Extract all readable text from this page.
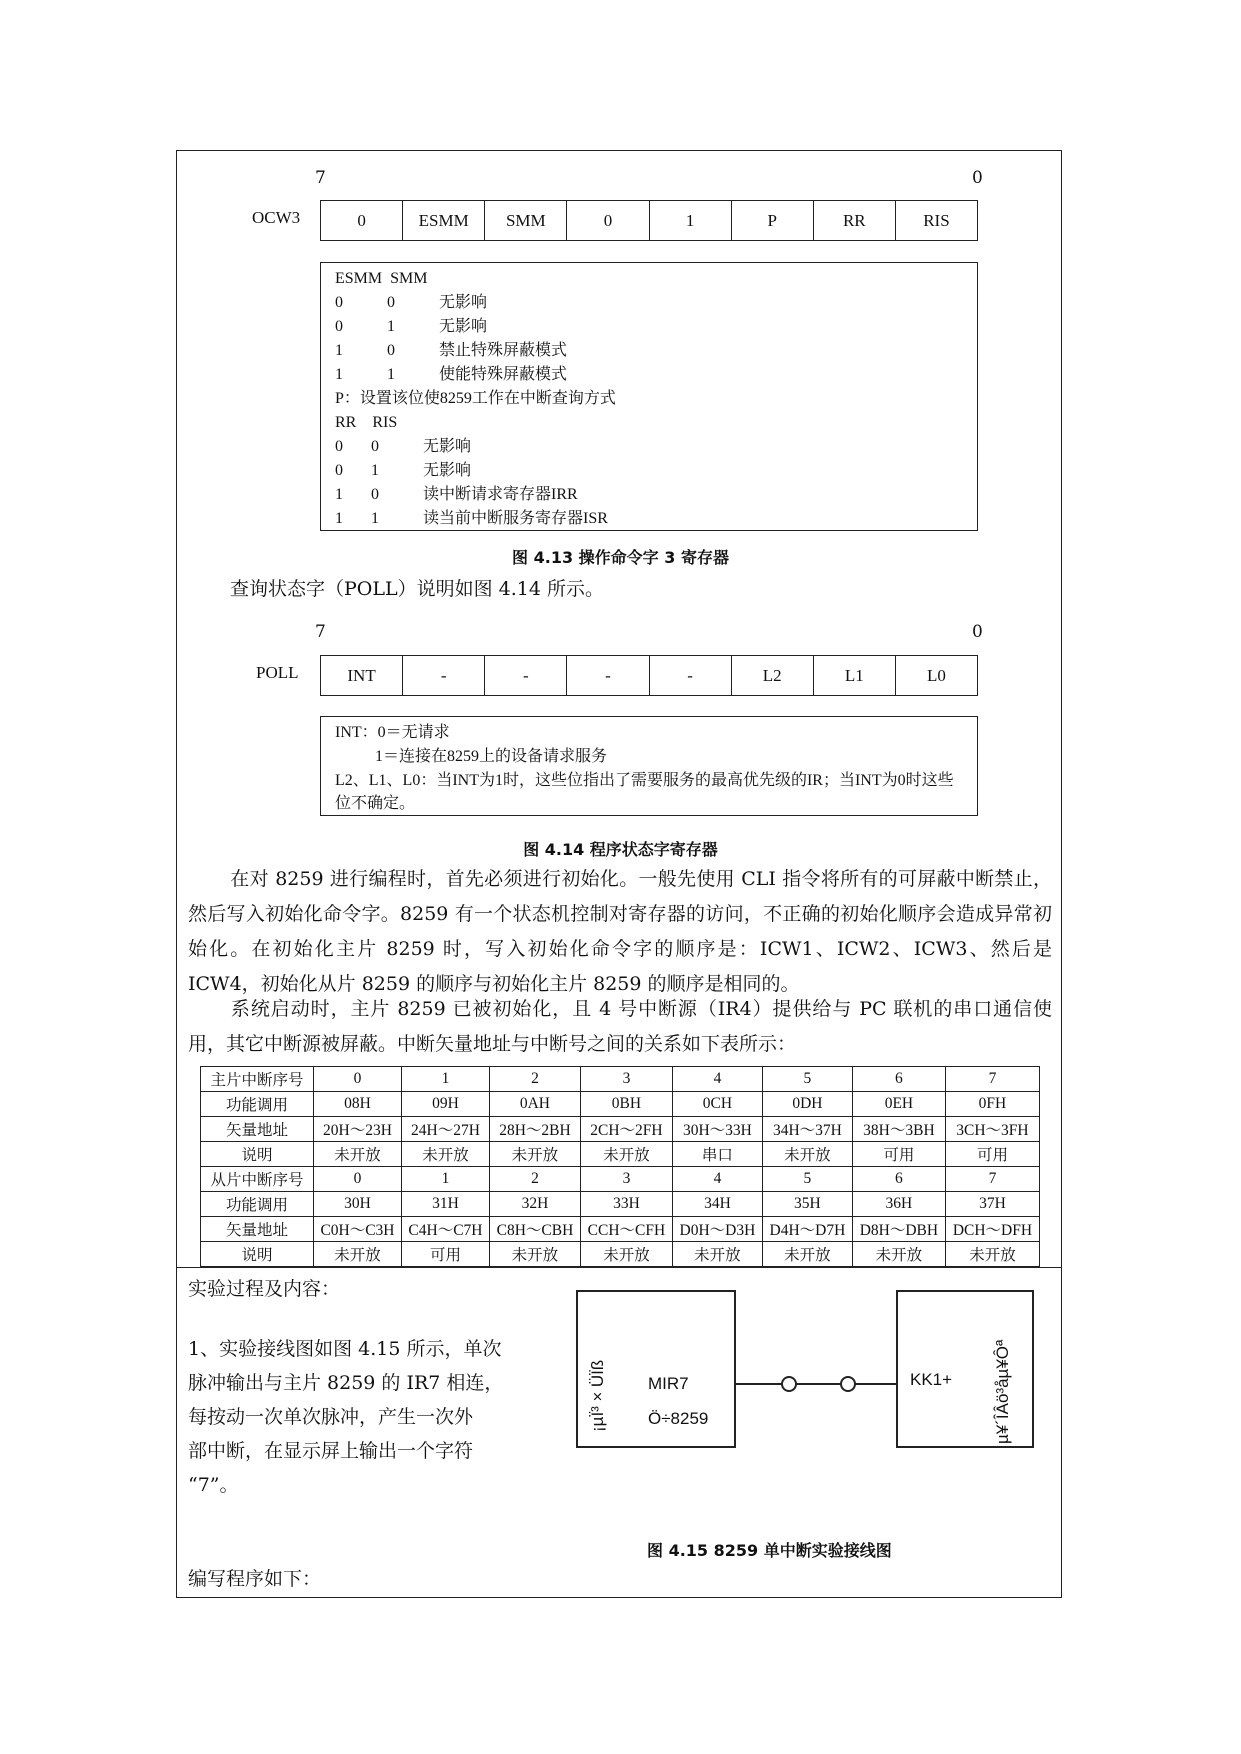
7	0
OCW3	0	ESMM	SMM	0	1	P	RR	RIS
ESMM  SMM
0           0           无影响
0           1           无影响
1           0           禁止特殊屏蔽模式
1           1           使能特殊屏蔽模式
P：设置该位使8259工作在中断查询方式
RR    RIS
0       0           无影响
0       1           无影响
1       0           读中断请求寄存器IRR
1       1           读当前中断服务寄存器ISR
图 4.13 操作命令字 3 寄存器
查询状态字（POLL）说明如图 4.14 所示。
7	0
POLL	INT	-	-	-	-	L2	L1	L0
INT：0＝无请求
1＝连接在8259上的设备请求服务
L2、L1、L0：当INT为1时，这些位指出了需要服务的最高优先级的IR；当INT为0时这些位不确定。
图 4.14 程序状态字寄存器
在对 8259 进行编程时，首先必须进行初始化。一般先使用 CLI 指令将所有的可屏蔽中断禁止，然后写入初始化命令字。8259 有一个状态机控制对寄存器的访问，不正确的初始化顺序会造成异常初始化。在初始化主片 8259 时，写入初始化命令字的顺序是：ICW1、ICW2、ICW3、然后是 ICW4，初始化从片 8259 的顺序与初始化主片 8259 的顺序是相同的。
系统启动时，主片 8259 已被初始化，且 4 号中断源（IR4）提供给与 PC 联机的串口通信使用，其它中断源被屏蔽。中断矢量地址与中断号之间的关系如下表所示：
主片中断序号	0	1	2	3	4	5	6	7
功能调用	08H	09H	0AH	0BH	0CH	0DH	0EH	0FH
矢量地址	20H～23H	24H～27H	28H～2BH	2CH～2FH	30H～33H	34H～37H	38H～3BH	3CH～3FH
说明	未开放	未开放	未开放	未开放	串口	未开放	可用	可用
从片中断序号	0	1	2	3	4	5	6	7
功能调用	30H	31H	32H	33H	34H	35H	36H	37H
矢量地址	C0H～C3H	C4H～C7H	C8H～CBH	CCH～CFH	D0H～D3H	D4H～D7H	D8H～DBH	DCH～DFH
说明	未开放	可用	未开放	未开放	未开放	未开放	未开放	未开放
实验过程及内容：
1、实验接线图如图 4.15 所示，单次
脉冲输出与主片 8259 的 IR7 相连，
每按动一次单次脉冲，产生一次外
部中断，在显示屏上输出一个字符
“7”。
¡µÏ³×ÜÏß	MIR7
Ö÷8259
KK1+ µ¥´ÎÂö³åµ¥Ôª
图 4.15 8259 单中断实验接线图
编写程序如下：
